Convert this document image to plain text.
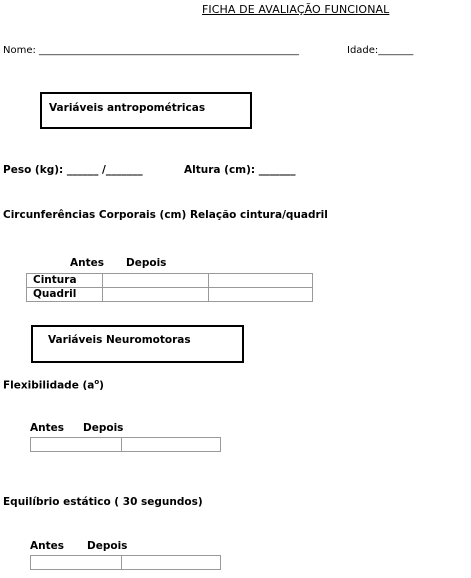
FICHA DE AVALIAÇÃO FUNCIONAL
Nome: ____________________________________________________	Idade:_______
Variáveis antropométricas
Peso (kg): ______ /_______	Altura (cm): _______
Circunferências Corporais (cm) Relação cintura/quadril
Antes Depois
Cintura		
Quadril		
Variáveis Neuromotoras
Flexibilidade $(a^o)$
Antes Depois

Equilíbrio estático ( 30 segundos)
Antes Depois
